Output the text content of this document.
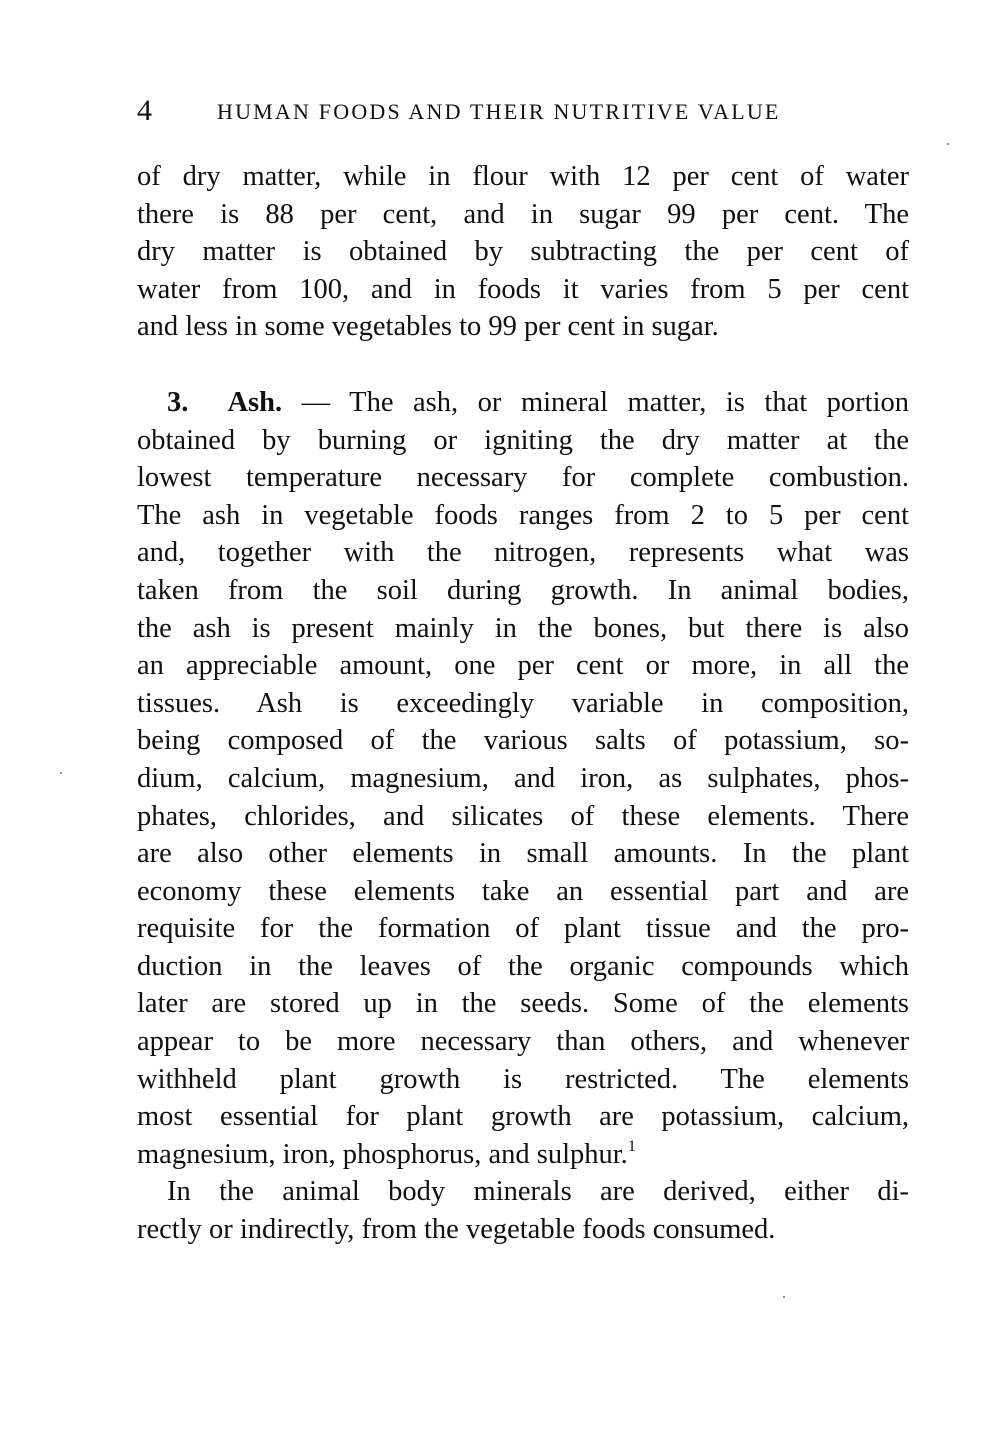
4	HUMAN FOODS AND THEIR NUTRITIVE VALUE
of dry matter, while in flour with 12 per cent of water
there is 88 per cent, and in sugar 99 per cent. The
dry matter is obtained by subtracting the per cent of
water from 100, and in foods it varies from 5 per cent
and less in some vegetables to 99 per cent in sugar.
3. Ash. — The ash, or mineral matter, is that portion
obtained by burning or igniting the dry matter at the
lowest temperature necessary for complete combustion.
The ash in vegetable foods ranges from 2 to 5 per cent
and, together with the nitrogen, represents what was
taken from the soil during growth. In animal bodies,
the ash is present mainly in the bones, but there is also
an appreciable amount, one per cent or more, in all the
tissues. Ash is exceedingly variable in composition,
being composed of the various salts of potassium, so-
dium, calcium, magnesium, and iron, as sulphates, phos-
phates, chlorides, and silicates of these elements. There
are also other elements in small amounts. In the plant
economy these elements take an essential part and are
requisite for the formation of plant tissue and the pro-
duction in the leaves of the organic compounds which
later are stored up in the seeds. Some of the elements
appear to be more necessary than others, and whenever
withheld plant growth is restricted. The elements
most essential for plant growth are potassium, calcium,
magnesium, iron, phosphorus, and sulphur.$^1$
In the animal body minerals are derived, either di-
rectly or indirectly, from the vegetable foods consumed.
